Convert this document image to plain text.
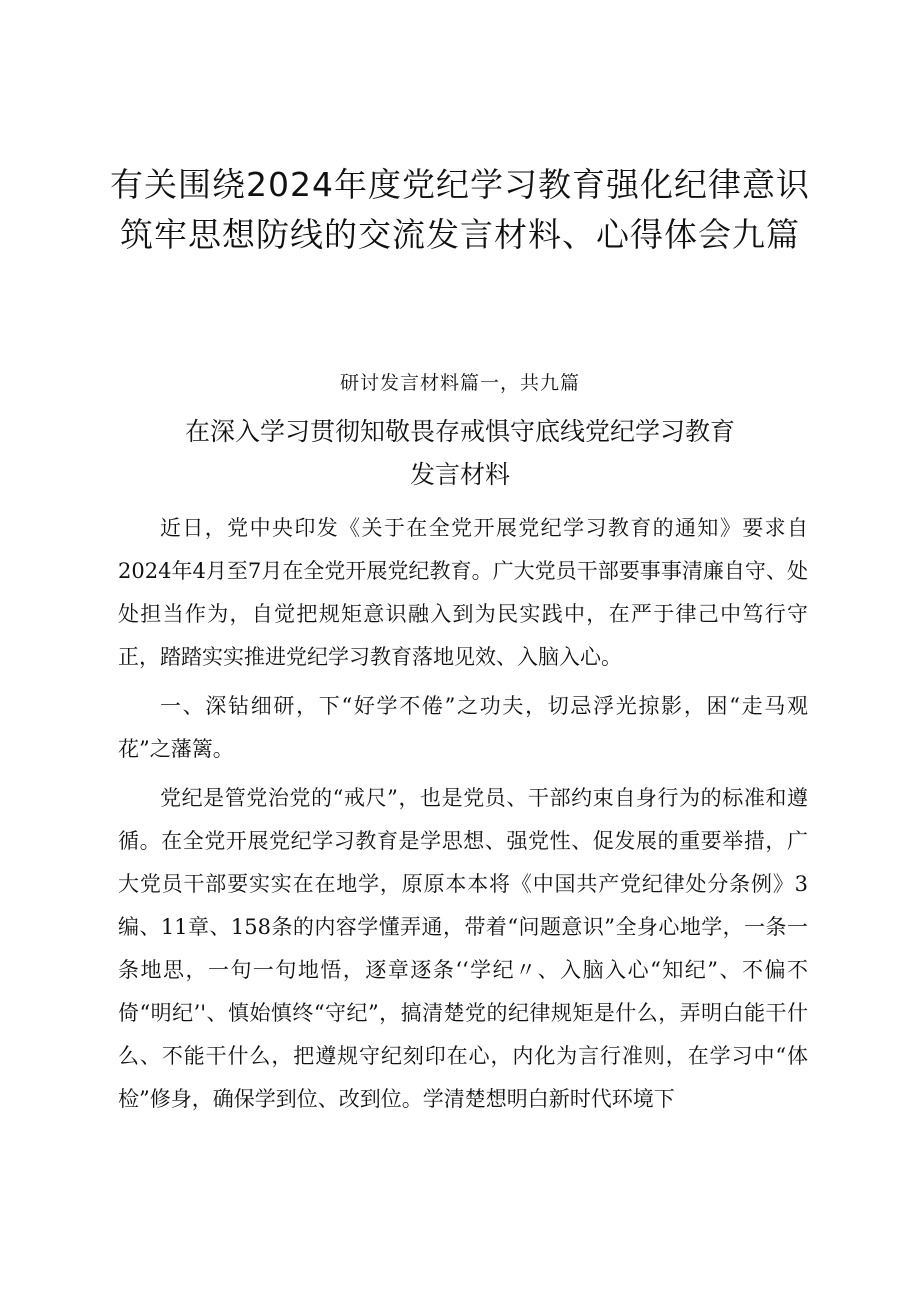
有关围绕2024年度党纪学习教育强化纪律意识筑牢思想防线的交流发言材料、心得体会九篇
研讨发言材料篇一，共九篇
在深入学习贯彻知敬畏存戒惧守底线党纪学习教育
发言材料

近日，党中央印发《关于在全党开展党纪学习教育的通知》要求自2024年4月至7月在全党开展党纪教育。广大党员干部要事事清廉自守、处处担当作为，自觉把规矩意识融入到为民实践中，在严于律己中笃行守正，踏踏实实推进党纪学习教育落地见效、入脑入心。

一、深钻细研，下“好学不倦”之功夫，切忌浮光掠影，困“走马观花”之藩篱。

党纪是管党治党的“戒尺”，也是党员、干部约束自身行为的标准和遵循。在全党开展党纪学习教育是学思想、强党性、促发展的重要举措，广大党员干部要实实在在地学，原原本本将《中国共产党纪律处分条例》3编、11章、158条的内容学懂弄通，带着“问题意识”全身心地学，一条一条地思，一句一句地悟，逐章逐条‘‘学纪〃、入脑入心“知纪”、不偏不倚“明纪’'、慎始慎终“守纪”，搞清楚党的纪律规矩是什么，弄明白能干什么、不能干什么，把遵规守纪刻印在心，内化为言行准则，在学习中“体检”修身，确保学到位、改到位。学清楚想明白新时代环境下
